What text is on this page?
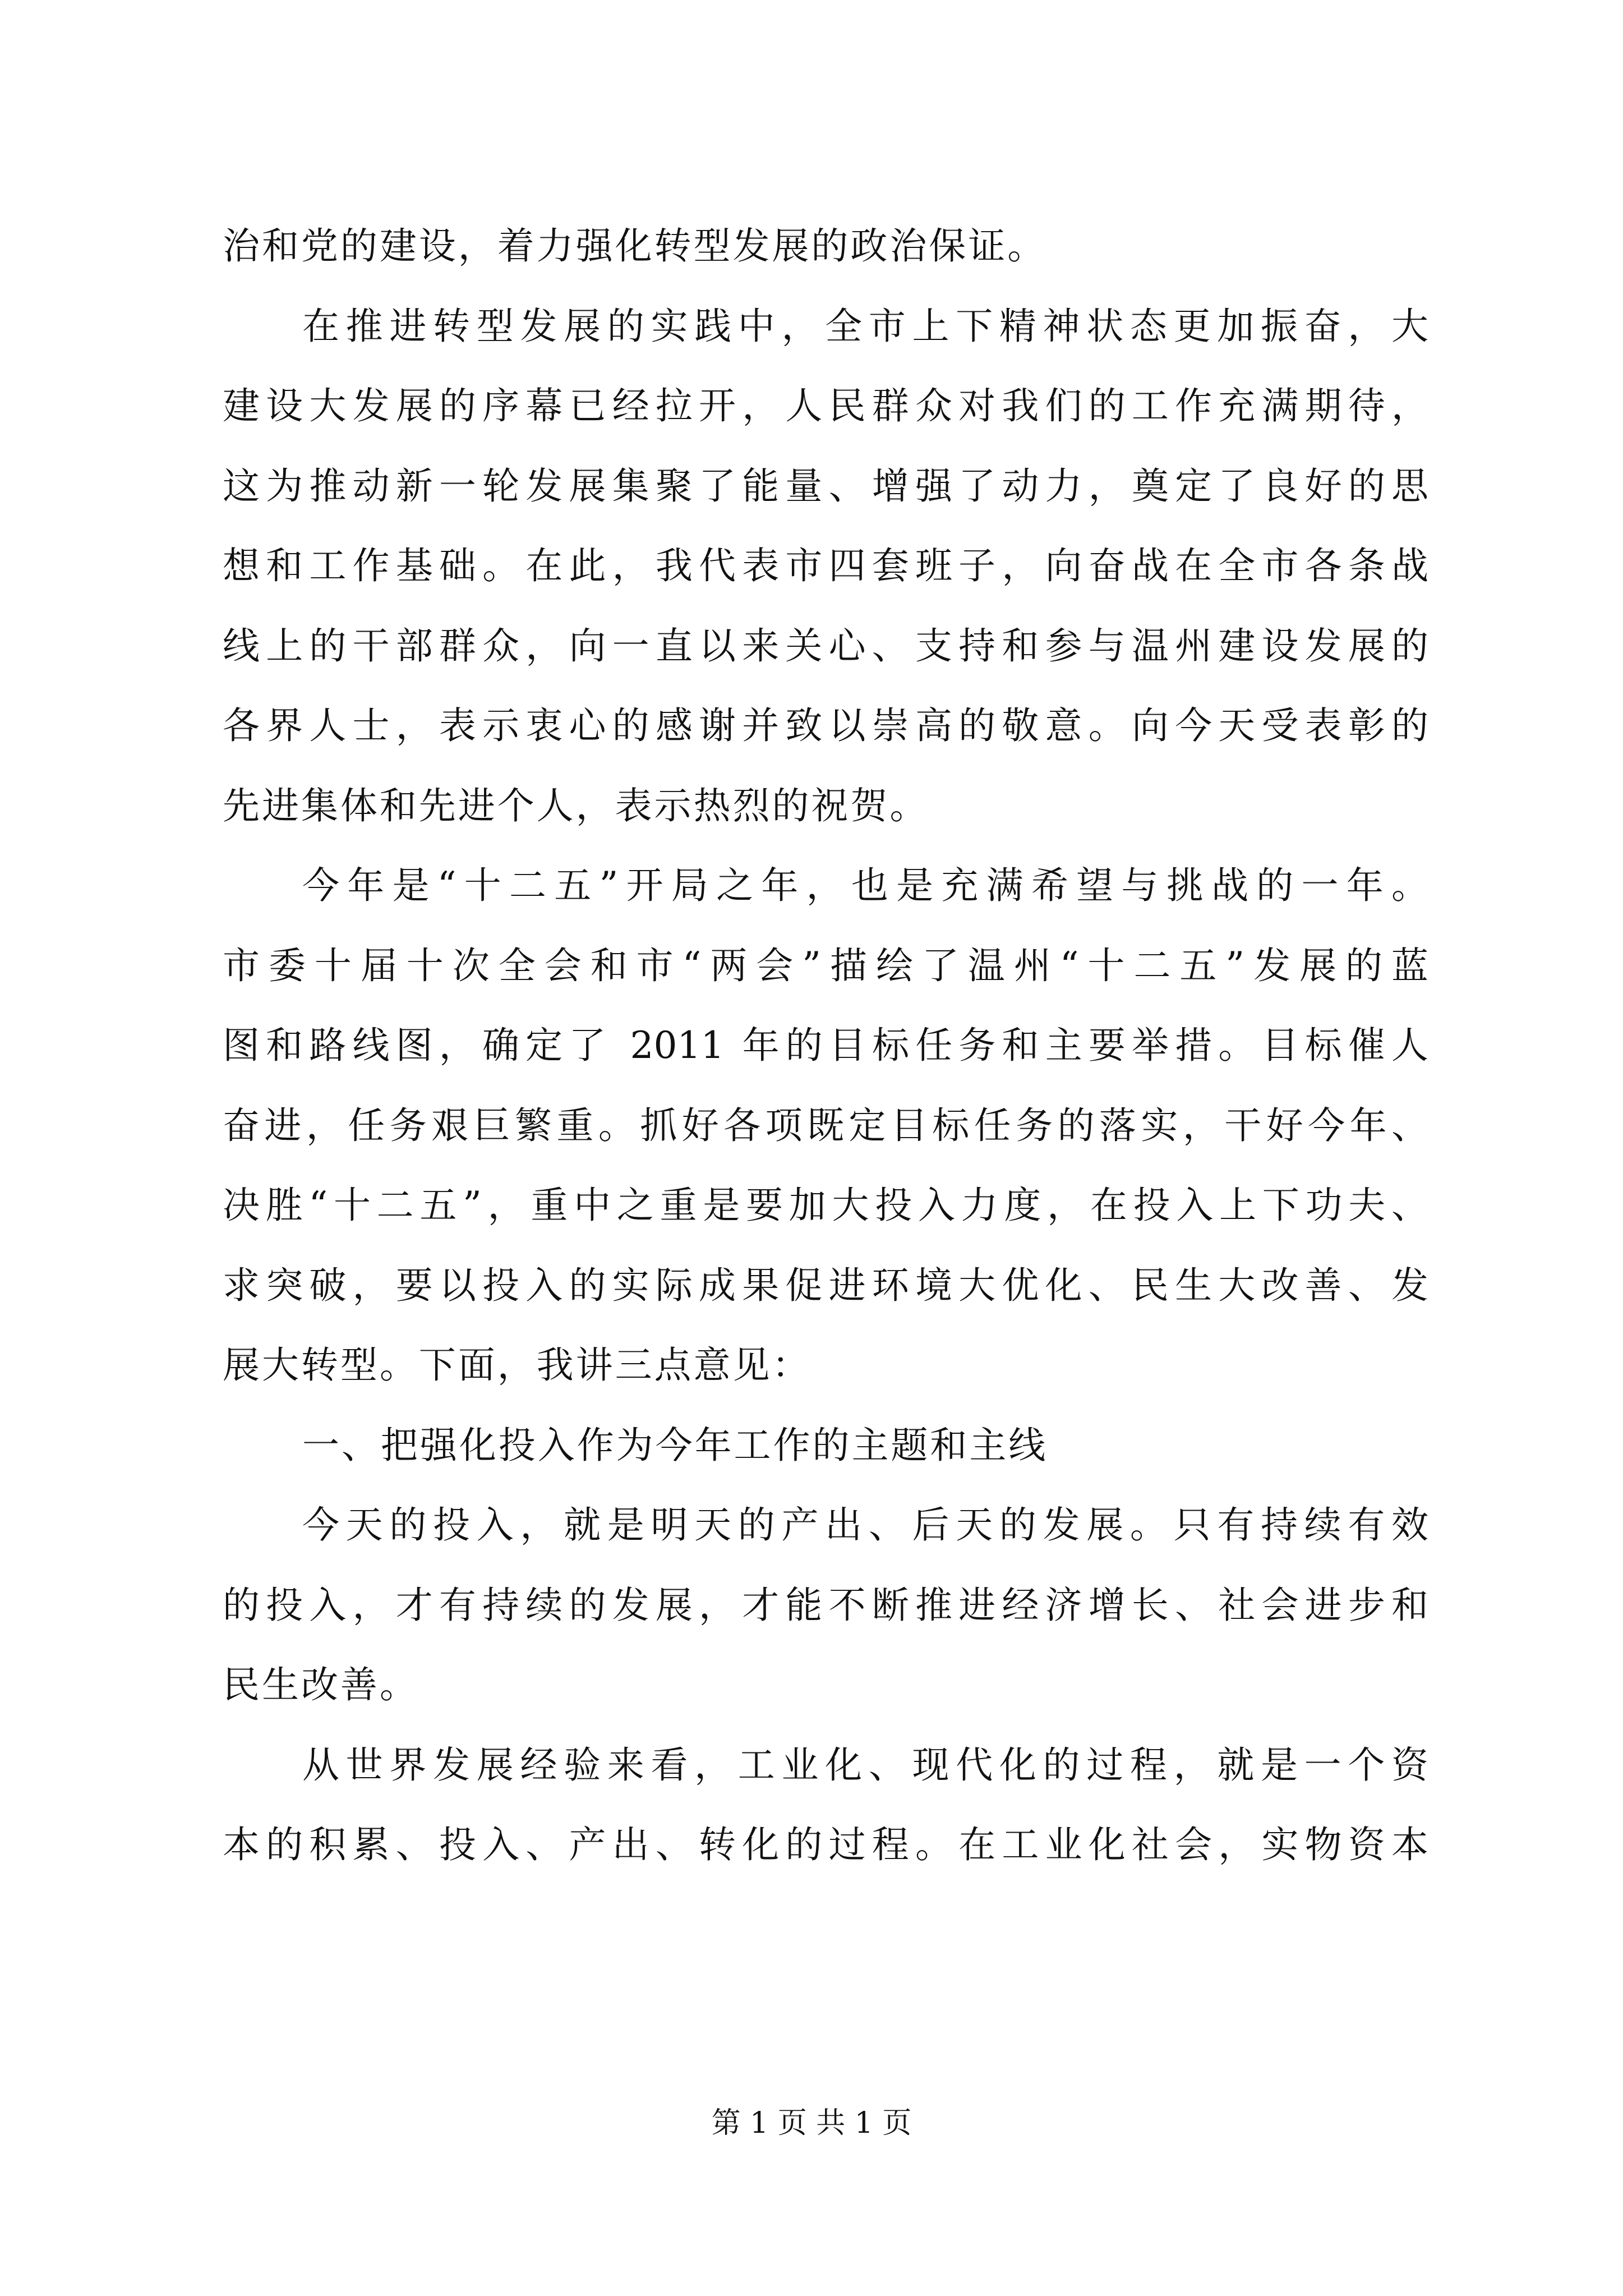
治和党的建设，着力强化转型发展的政治保证。
在推进转型发展的实践中，全市上下精神状态更加振奋，大
建设大发展的序幕已经拉开，人民群众对我们的工作充满期待，
这为推动新一轮发展集聚了能量、增强了动力，奠定了良好的思
想和工作基础。在此，我代表市四套班子，向奋战在全市各条战
线上的干部群众，向一直以来关心、支持和参与温州建设发展的
各界人士，表示衷心的感谢并致以崇高的敬意。向今天受表彰的
先进集体和先进个人，表示热烈的祝贺。
今年是“十二五”开局之年，也是充满希望与挑战的一年。
市委十届十次全会和市“两会”描绘了温州“十二五”发展的蓝
图和路线图，确定了 2011 年的目标任务和主要举措。目标催人
奋进，任务艰巨繁重。抓好各项既定目标任务的落实，干好今年、
决胜“十二五”，重中之重是要加大投入力度，在投入上下功夫、
求突破，要以投入的实际成果促进环境大优化、民生大改善、发
展大转型。下面，我讲三点意见：
一、把强化投入作为今年工作的主题和主线
今天的投入，就是明天的产出、后天的发展。只有持续有效
的投入，才有持续的发展，才能不断推进经济增长、社会进步和
民生改善。
从世界发展经验来看，工业化、现代化的过程，就是一个资
本的积累、投入、产出、转化的过程。在工业化社会，实物资本
第 1 页 共 1 页
